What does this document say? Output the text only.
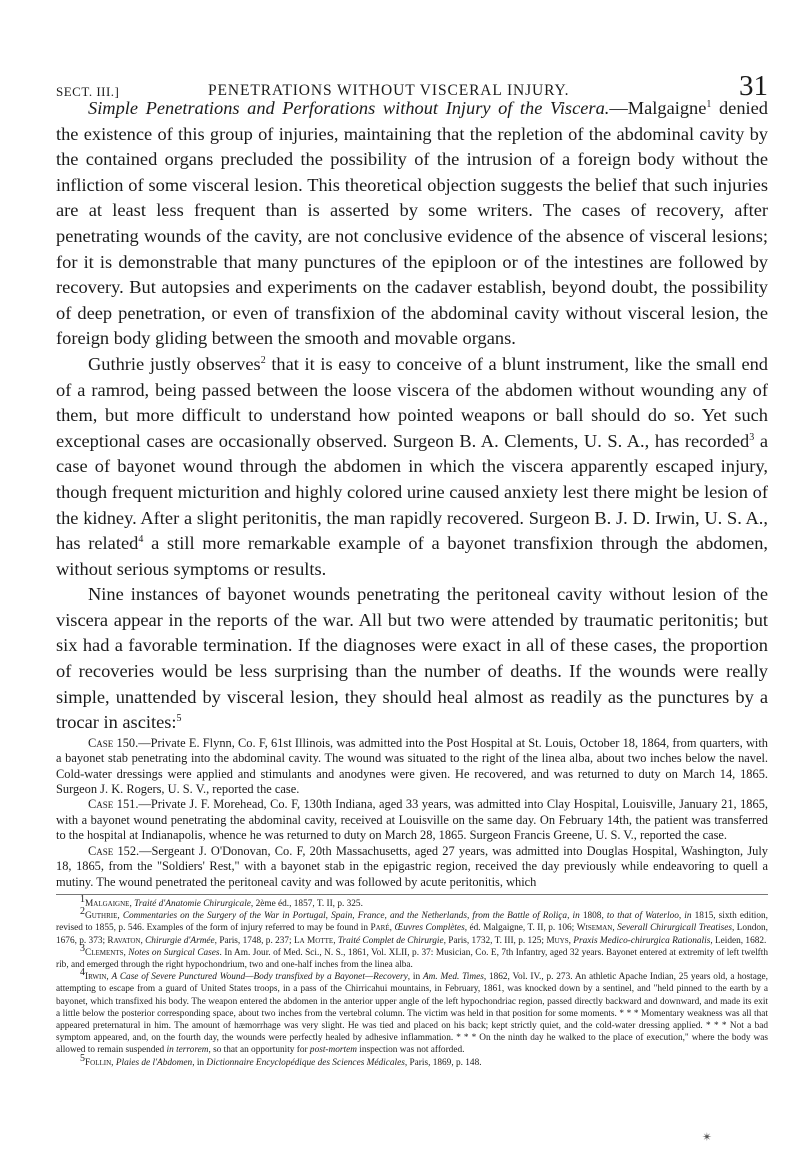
SECT. III.]	PENETRATIONS WITHOUT VISCERAL INJURY.	31

Simple Penetrations and Perforations without Injury of the Viscera.—Malgaigne$^1$ denied the existence of this group of injuries, maintaining that the repletion of the abdominal cavity by the contained organs precluded the possibility of the intrusion of a foreign body without the infliction of some visceral lesion. This theoretical objection suggests the belief that such injuries are at least less frequent than is asserted by some writers. The cases of recovery, after penetrating wounds of the cavity, are not conclusive evidence of the absence of visceral lesions; for it is demonstrable that many punctures of the epiploon or of the intestines are followed by recovery. But autopsies and experiments on the cadaver establish, beyond doubt, the possibility of deep penetration, or even of transfixion of the abdominal cavity without visceral lesion, the foreign body gliding between the smooth and movable organs.

Guthrie justly observes$^2$ that it is easy to conceive of a blunt instrument, like the small end of a ramrod, being passed between the loose viscera of the abdomen without wounding any of them, but more difficult to understand how pointed weapons or ball should do so. Yet such exceptional cases are occasionally observed. Surgeon B. A. Clements, U. S. A., has recorded$^3$ a case of bayonet wound through the abdomen in which the viscera apparently escaped injury, though frequent micturition and highly colored urine caused anxiety lest there might be lesion of the kidney. After a slight peritonitis, the man rapidly recovered. Surgeon B. J. D. Irwin, U. S. A., has related$^4$ a still more remarkable example of a bayonet transfixion through the abdomen, without serious symptoms or results.

Nine instances of bayonet wounds penetrating the peritoneal cavity without lesion of the viscera appear in the reports of the war. All but two were attended by traumatic peritonitis; but six had a favorable termination. If the diagnoses were exact in all of these cases, the proportion of recoveries would be less surprising than the number of deaths. If the wounds were really simple, unattended by visceral lesion, they should heal almost as readily as the punctures by a trocar in ascites:$^5$

Case 150.—Private E. Flynn, Co. F, 61st Illinois, was admitted into the Post Hospital at St. Louis, October 18, 1864, from quarters, with a bayonet stab penetrating into the abdominal cavity. The wound was situated to the right of the linea alba, about two inches below the navel. Cold-water dressings were applied and stimulants and anodynes were given. He recovered, and was returned to duty on March 14, 1865. Surgeon J. K. Rogers, U. S. V., reported the case.

Case 151.—Private J. F. Morehead, Co. F, 130th Indiana, aged 33 years, was admitted into Clay Hospital, Louisville, January 21, 1865, with a bayonet wound penetrating the abdominal cavity, received at Louisville on the same day. On February 14th, the patient was transferred to the hospital at Indianapolis, whence he was returned to duty on March 28, 1865. Surgeon Francis Greene, U. S. V., reported the case.

Case 152.—Sergeant J. O'Donovan, Co. F, 20th Massachusetts, aged 27 years, was admitted into Douglas Hospital, Washington, July 18, 1865, from the "Soldiers' Rest," with a bayonet stab in the epigastric region, received the day previously while endeavoring to quell a mutiny. The wound penetrated the peritoneal cavity and was followed by acute peritonitis, which

$^1$Malgaigne, Traité d'Anatomie Chirurgicale, 2ème éd., 1857, T. II, p. 325.

$^2$Guthrie, Commentaries on the Surgery of the War in Portugal, Spain, France, and the Netherlands, from the Battle of Roliça, in 1808, to that of Waterloo, in 1815, sixth edition, revised to 1855, p. 546. Examples of the form of injury referred to may be found in Paré, Œuvres Complètes, éd. Malgaigne, T. II, p. 106; Wiseman, Severall Chirurgicall Treatises, London, 1676, p. 373; Ravaton, Chirurgie d'Armée, Paris, 1748, p. 237; La Motte, Traité Complet de Chirurgie, Paris, 1732, T. III, p. 125; Muys, Praxis Medico-chirurgica Rationalis, Leiden, 1682.

$^3$Clements, Notes on Surgical Cases. In Am. Jour. of Med. Sci., N. S., 1861, Vol. XLII, p. 37: Musician, Co. E, 7th Infantry, aged 32 years. Bayonet entered at extremity of left twelfth rib, and emerged through the right hypochondrium, two and one-half inches from the linea alba.

$^4$Irwin, A Case of Severe Punctured Wound—Body transfixed by a Bayonet—Recovery, in Am. Med. Times, 1862, Vol. IV., p. 273. An athletic Apache Indian, 25 years old, a hostage, attempting to escape from a guard of United States troops, in a pass of the Chirricahui mountains, in February, 1861, was knocked down by a sentinel, and "held pinned to the earth by a bayonet, which transfixed his body. The weapon entered the abdomen in the anterior upper angle of the left hypochondriac region, passed directly backward and downward, and made its exit a little below the posterior corresponding space, about two inches from the vertebral column. The victim was held in that position for some moments. * * * Momentary weakness was all that appeared preternatural in him. The amount of hæmorrhage was very slight. He was tied and placed on his back; kept strictly quiet, and the cold-water dressing applied. * * * Not a bad symptom appeared, and, on the fourth day, the wounds were perfectly healed by adhesive inflammation. * * * On the ninth day he walked to the place of execution," where the body was allowed to remain suspended in terrorem, so that an opportunity for post-mortem inspection was not afforded.

$^5$Follin, Plaies de l'Abdomen, in Dictionnaire Encyclopédique des Sciences Médicales, Paris, 1869, p. 148.

✴
